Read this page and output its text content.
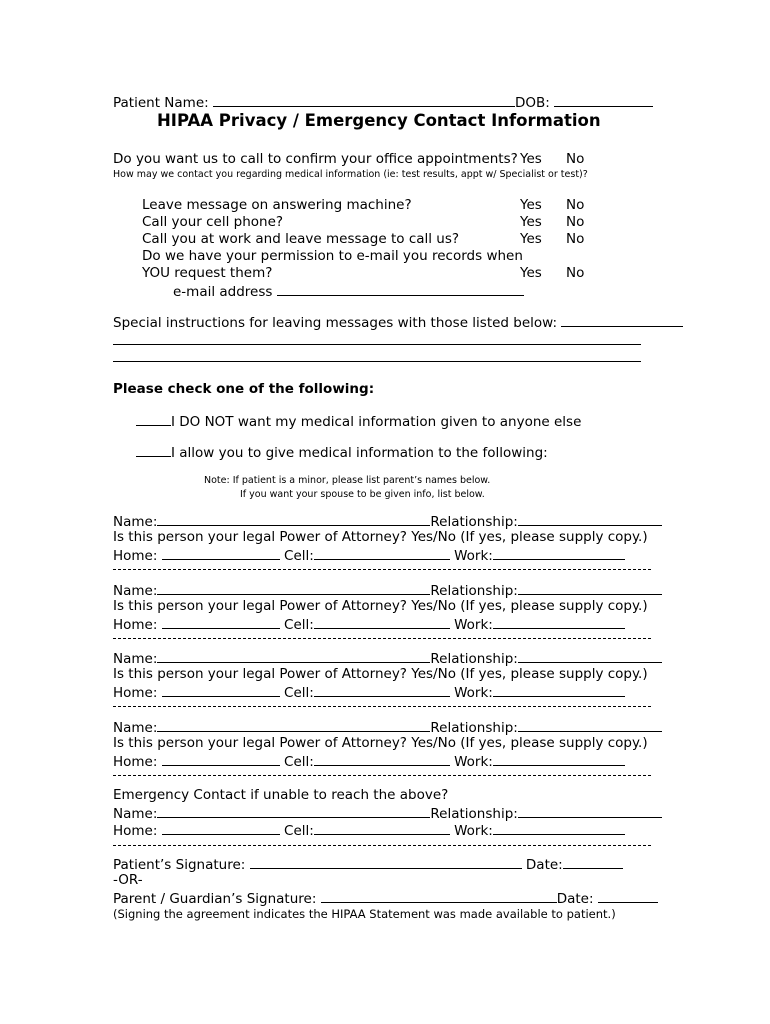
Patient Name:	DOB:
HIPAA Privacy / Emergency Contact Information
Do you want us to call to confirm your office appointments? Yes No
How may we contact you regarding medical information (ie: test results, appt w/ Specialist or test)?
Leave message on answering machine?	Yes No
Call your cell phone?	Yes No
Call you at work and leave message to call us?	Yes No
Do we have your permission to e-mail you records when
YOU request them?	Yes No
e-mail address
Special instructions for leaving messages with those listed below:
Please check one of the following:
I DO NOT want my medical information given to anyone else
I allow you to give medical information to the following:
Note: If patient is a minor, please list parent’s names below.
If you want your spouse to be given info, list below.
Name:	Relationship:
Is this person your legal Power of Attorney? Yes/No (If yes, please supply copy.)
Home:	Cell:	Work:
Name:	Relationship:
Is this person your legal Power of Attorney? Yes/No (If yes, please supply copy.)
Home:	Cell:	Work:
Name:	Relationship:
Is this person your legal Power of Attorney? Yes/No (If yes, please supply copy.)
Home:	Cell:	Work:
Name:	Relationship:
Is this person your legal Power of Attorney? Yes/No (If yes, please supply copy.)
Home:	Cell:	Work:
Emergency Contact if unable to reach the above?
Name:	Relationship:
Home:	Cell:	Work:
Patient’s Signature:	Date:
-OR-
Parent / Guardian’s Signature:	Date:
(Signing the agreement indicates the HIPAA Statement was made available to patient.)
